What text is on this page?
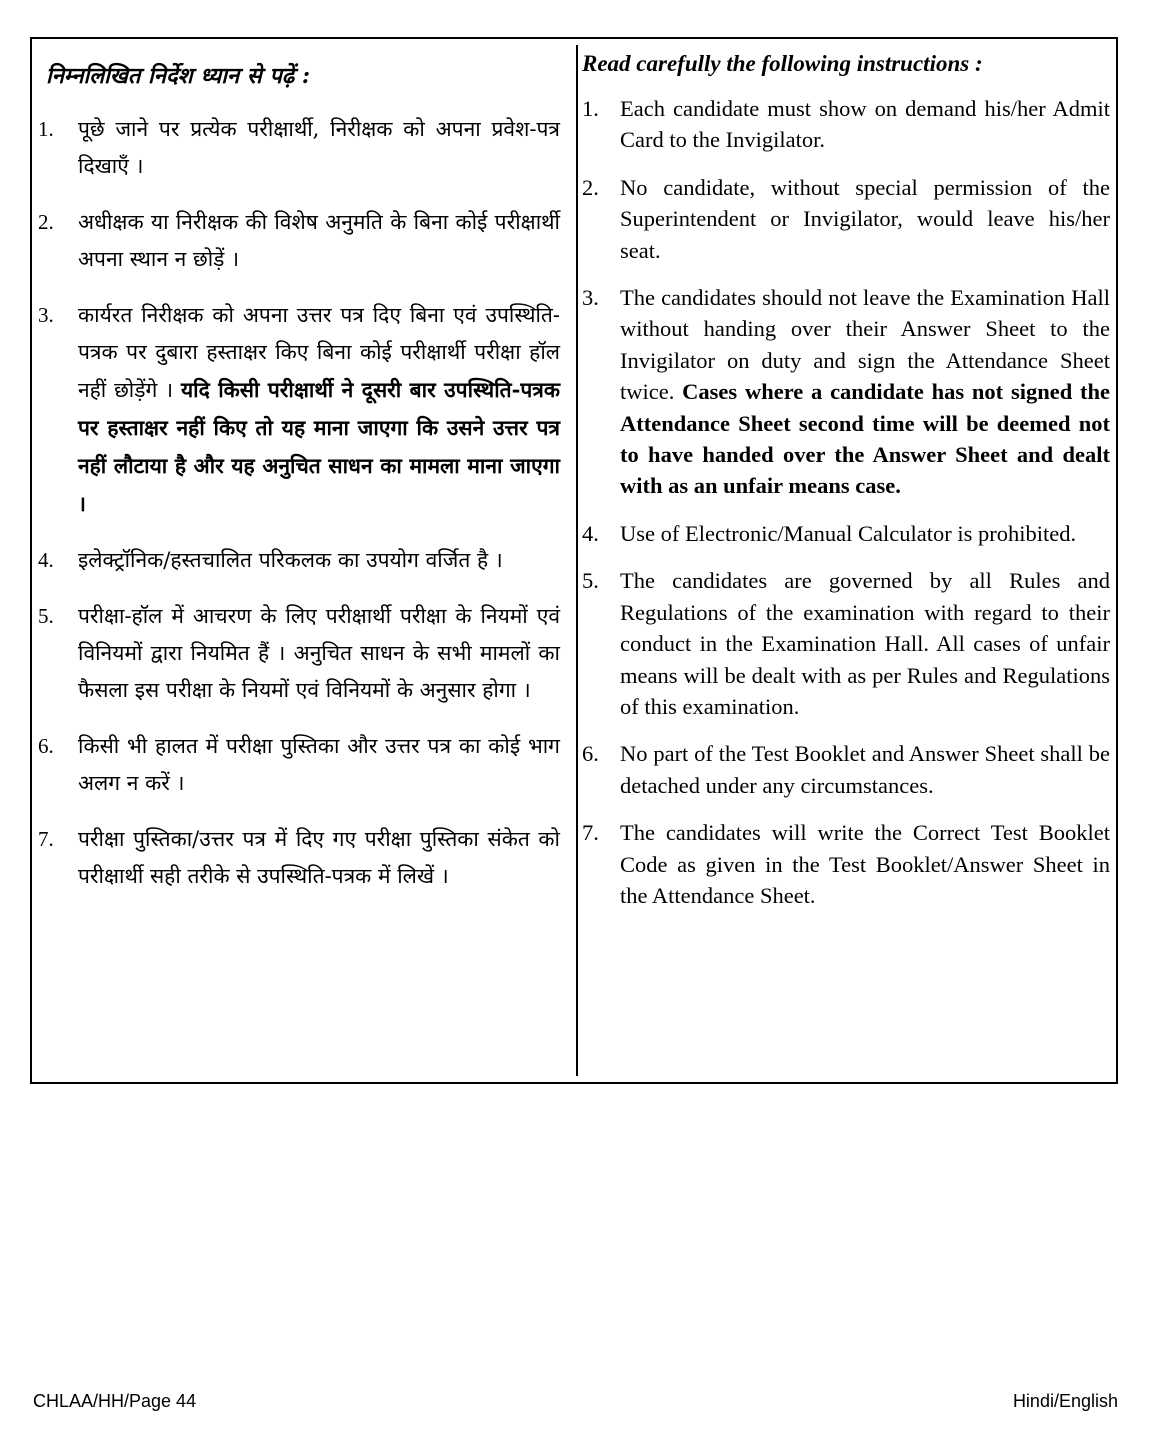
निम्नलिखित निर्देश ध्यान से पढ़ें :

1.	पूछे जाने पर प्रत्येक परीक्षार्थी, निरीक्षक को अपना प्रवेश-पत्र दिखाएँ ।
2.	अधीक्षक या निरीक्षक की विशेष अनुमति के बिना कोई परीक्षार्थी अपना स्थान न छोड़ें ।
3.	कार्यरत निरीक्षक को अपना उत्तर पत्र दिए बिना एवं उपस्थिति-पत्रक पर दुबारा हस्ताक्षर किए बिना कोई परीक्षार्थी परीक्षा हॉल नहीं छोड़ेंगे । यदि किसी परीक्षार्थी ने दूसरी बार उपस्थिति-पत्रक पर हस्ताक्षर नहीं किए तो यह माना जाएगा कि उसने उत्तर पत्र नहीं लौटाया है और यह अनुचित साधन का मामला माना जाएगा ।
4.	इलेक्ट्रॉनिक/हस्तचालित परिकलक का उपयोग वर्जित है ।
5.	परीक्षा-हॉल में आचरण के लिए परीक्षार्थी परीक्षा के नियमों एवं विनियमों द्वारा नियमित हैं । अनुचित साधन के सभी मामलों का फैसला इस परीक्षा के नियमों एवं विनियमों के अनुसार होगा ।
6.	किसी भी हालत में परीक्षा पुस्तिका और उत्तर पत्र का कोई भाग अलग न करें ।
7.	परीक्षा पुस्तिका/उत्तर पत्र में दिए गए परीक्षा पुस्तिका संकेत को परीक्षार्थी सही तरीके से उपस्थिति-पत्रक में लिखें ।

Read carefully the following instructions :

1. Each candidate must show on demand his/her Admit Card to the Invigilator.
2. No candidate, without special permission of the Superintendent or Invigilator, would leave his/her seat.
3. The candidates should not leave the Examination Hall without handing over their Answer Sheet to the Invigilator on duty and sign the Attendance Sheet twice. Cases where a candidate has not signed the Attendance Sheet second time will be deemed not to have handed over the Answer Sheet and dealt with as an unfair means case.
4. Use of Electronic/Manual Calculator is prohibited.
5. The candidates are governed by all Rules and Regulations of the examination with regard to their conduct in the Examination Hall. All cases of unfair means will be dealt with as per Rules and Regulations of this examination.
6. No part of the Test Booklet and Answer Sheet shall be detached under any circumstances.
7. The candidates will write the Correct Test Booklet Code as given in the Test Booklet/Answer Sheet in the Attendance Sheet.
CHLAA/HH/Page 44	Hindi/English
